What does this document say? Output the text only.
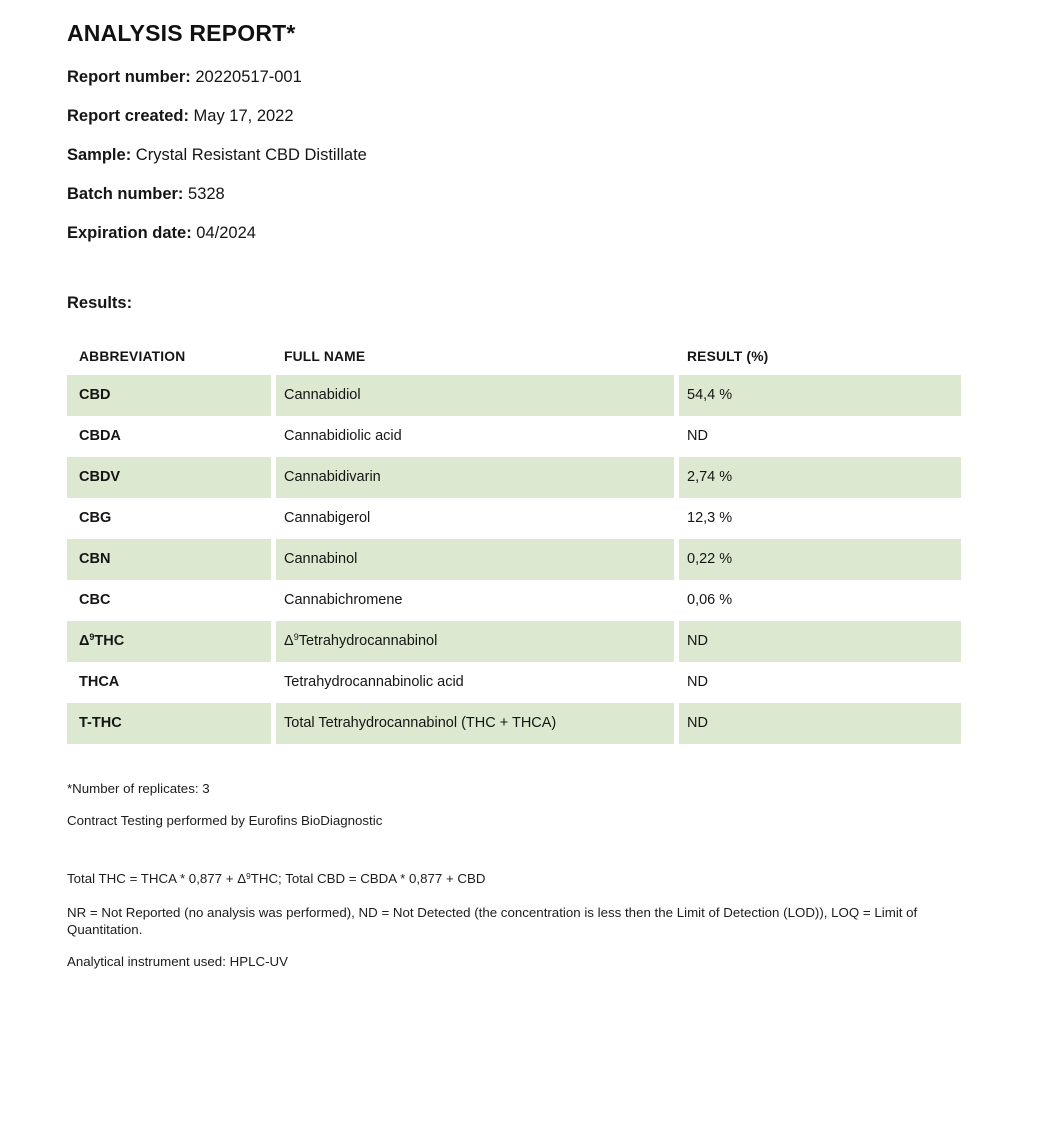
ANALYSIS REPORT*

Report number: 20220517-001

Report created: May 17, 2022

Sample: Crystal Resistant CBD Distillate

Batch number: 5328

Expiration date: 04/2024

Results:
ABBREVIATION	FULL NAME	RESULT (%)
CBD	Cannabidiol	54,4 %
CBDA	Cannabidiolic acid	ND
CBDV	Cannabidivarin	2,74 %
CBG	Cannabigerol	12,3 %
CBN	Cannabinol	0,22 %
CBC	Cannabichromene	0,06 %
Δ 9 THC	Δ 9 Tetrahydrocannabinol	ND
THCA	Tetrahydrocannabinolic acid	ND
T-THC	Total Tetrahydrocannabinol (THC + THCA)	ND

*Number of replicates: 3

Contract Testing performed by Eurofins BioDiagnostic

Total THC = THCA * $0,877 + \Delta^9THC$; Total CBD = CBDA * 0,877 + CBD

NR = Not Reported (no analysis was performed), ND = Not Detected (the concentration is less then the Limit of Detection (LOD)), LOQ = Limit of Quantitation.

Analytical instrument used: HPLC-UV
